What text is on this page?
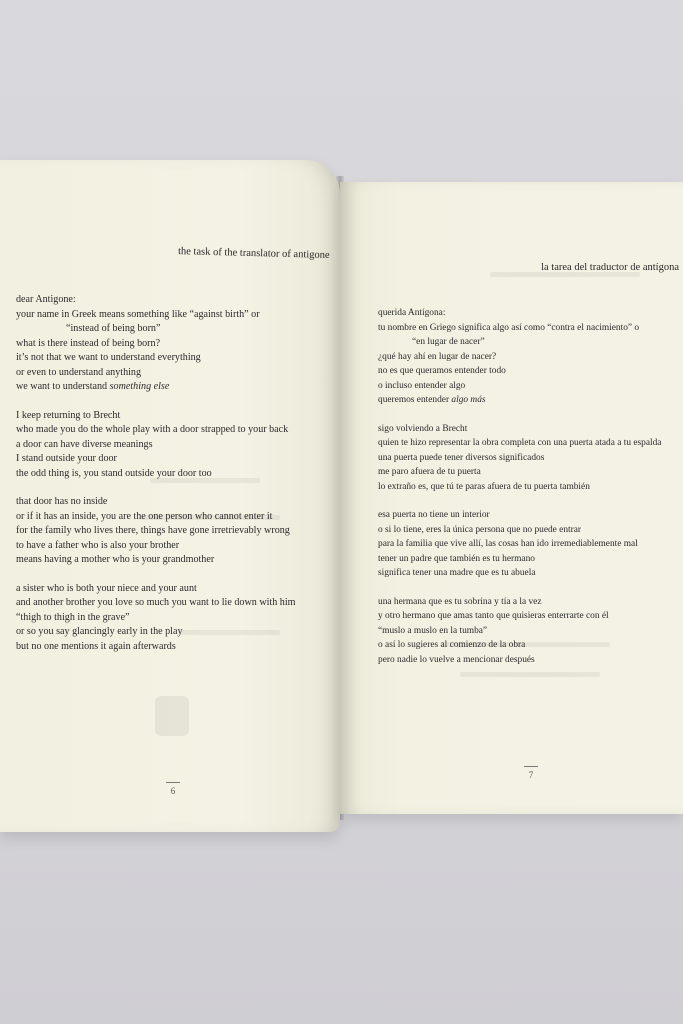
the task of the translator of antigone
dear Antigone:
your name in Greek means something like “against birth” or
“instead of being born”
what is there instead of being born?
it’s not that we want to understand everything
or even to understand anything
we want to understand something else
I keep returning to Brecht
who made you do the whole play with a door strapped to your back
a door can have diverse meanings
I stand outside your door
the odd thing is, you stand outside your door too
that door has no inside
or if it has an inside, you are the one person who cannot enter it
for the family who lives there, things have gone irretrievably wrong
to have a father who is also your brother
means having a mother who is your grandmother
a sister who is both your niece and your aunt
and another brother you love so much you want to lie down with him
“thigh to thigh in the grave”
or so you say glancingly early in the play
but no one mentions it again afterwards
6
la tarea del traductor de antígona
querida Antígona:
tu nombre en Griego significa algo así como “contra el nacimiento” o
“en lugar de nacer”
¿qué hay ahí en lugar de nacer?
no es que queramos entender todo
o incluso entender algo
queremos entender algo más
sigo volviendo a Brecht
quien te hizo representar la obra completa con una puerta atada a tu espalda
una puerta puede tener diversos significados
me paro afuera de tu puerta
lo extraño es, que tú te paras afuera de tu puerta también
esa puerta no tiene un interior
o si lo tiene, eres la única persona que no puede entrar
para la familia que vive allí, las cosas han ido irremediablemente mal
tener un padre que también es tu hermano
significa tener una madre que es tu abuela
una hermana que es tu sobrina y tía a la vez
y otro hermano que amas tanto que quisieras enterrarte con él
“muslo a muslo en la tumba”
o así lo sugieres al comienzo de la obra
pero nadie lo vuelve a mencionar después
7
